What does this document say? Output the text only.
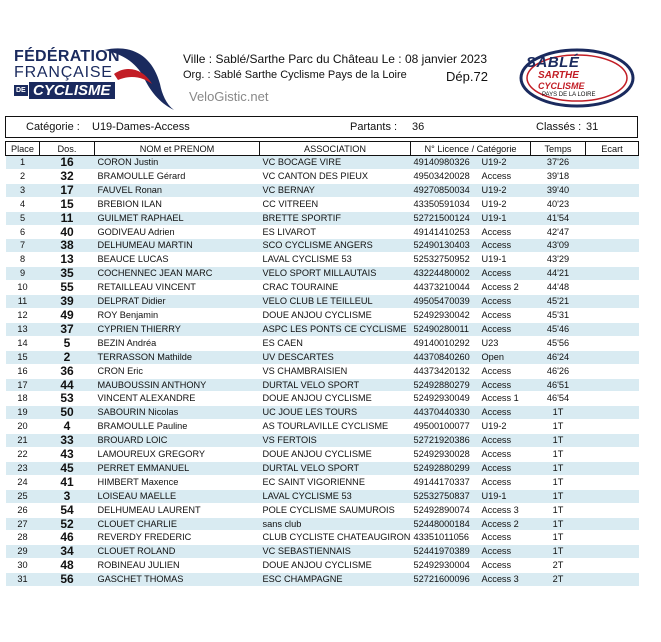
FÉDÉRATION
FRANÇAISE
DE CYCLISME
Ville : Sablé/Sarthe Parc du Château Le : 08 janvier 2023
Org. : Sablé Sarthe Cyclisme Pays de la Loire	Dép.72
VeloGistic.net
SABLÉ
SARTHE
CYCLISME
PAYS DE LA LOIRE
Catégorie : U19-Dames-Access	Partants : 36	Classés : 31
Place	Dos.	NOM et PRENOM	ASSOCIATION	N° Licence / Catégorie	Temps	Ecart
1	16	CORON Justin	VC BOCAGE VIRE	49140980326 U19-2	37'26	
2	32	BRAMOULLE Gérard	VC CANTON DES PIEUX	49503420028 Access	39'18	
3	17	FAUVEL Ronan	VC BERNAY	49270850034 U19-2	39'40	
4	15	BREBION ILAN	CC VITREEN	43350591034 U19-2	40'23	
5	11	GUILMET RAPHAEL	BRETTE SPORTIF	52721500124 U19-1	41'54	
6	40	GODIVEAU Adrien	ES LIVAROT	49141410253 Access	42'47	
7	38	DELHUMEAU MARTIN	SCO CYCLISME ANGERS	52490130403 Access	43'09	
8	13	BEAUCE LUCAS	LAVAL CYCLISME 53	52532750952 U19-1	43'29	
9	35	COCHENNEC JEAN MARC	VELO SPORT MILLAUTAIS	43224480002 Access	44'21	
10	55	RETAILLEAU VINCENT	CRAC TOURAINE	44373210044 Access 2	44'48	
11	39	DELPRAT Didier	VELO CLUB LE TEILLEUL	49505470039 Access	45'21	
12	49	ROY Benjamin	DOUE ANJOU CYCLISME	52492930042 Access	45'31	
13	37	CYPRIEN THIERRY	ASPC LES PONTS CE CYCLISME	52490280011 Access	45'46	
14	5	BEZIN Andréa	ES CAEN	49140010292 U23	45'56	
15	2	TERRASSON Mathilde	UV DESCARTES	44370840260 Open	46'24	
16	36	CRON Eric	VS CHAMBRAISIEN	44373420132 Access	46'26	
17	44	MAUBOUSSIN ANTHONY	DURTAL VELO SPORT	52492880279 Access	46'51	
18	53	VINCENT ALEXANDRE	DOUE ANJOU CYCLISME	52492930049 Access 1	46'54	
19	50	SABOURIN Nicolas	UC JOUE LES TOURS	44370440330 Access	1T	
20	4	BRAMOULLE Pauline	AS TOURLAVILLE CYCLISME	49500100077 U19-2	1T	
21	33	BROUARD LOIC	VS FERTOIS	52721920386 Access	1T	
22	43	LAMOUREUX GREGORY	DOUE ANJOU CYCLISME	52492930028 Access	1T	
23	45	PERRET EMMANUEL	DURTAL VELO SPORT	52492880299 Access	1T	
24	41	HIMBERT Maxence	EC SAINT VIGORIENNE	49144170337 Access	1T	
25	3	LOISEAU MAELLE	LAVAL CYCLISME 53	52532750837 U19-1	1T	
26	54	DELHUMEAU LAURENT	POLE CYCLISME SAUMUROIS	52492890074 Access 3	1T	
27	52	CLOUET CHARLIE	sans club	52448000184 Access 2	1T	
28	46	REVERDY FREDERIC	CLUB CYCLISTE CHATEAUGIRON	43351011056 Access	1T	
29	34	CLOUET ROLAND	VC SEBASTIENNAIS	52441970389 Access	1T	
30	48	ROBINEAU JULIEN	DOUE ANJOU CYCLISME	52492930004 Access	2T	
31	56	GASCHET THOMAS	ESC CHAMPAGNE	52721600096 Access 3	2T	
